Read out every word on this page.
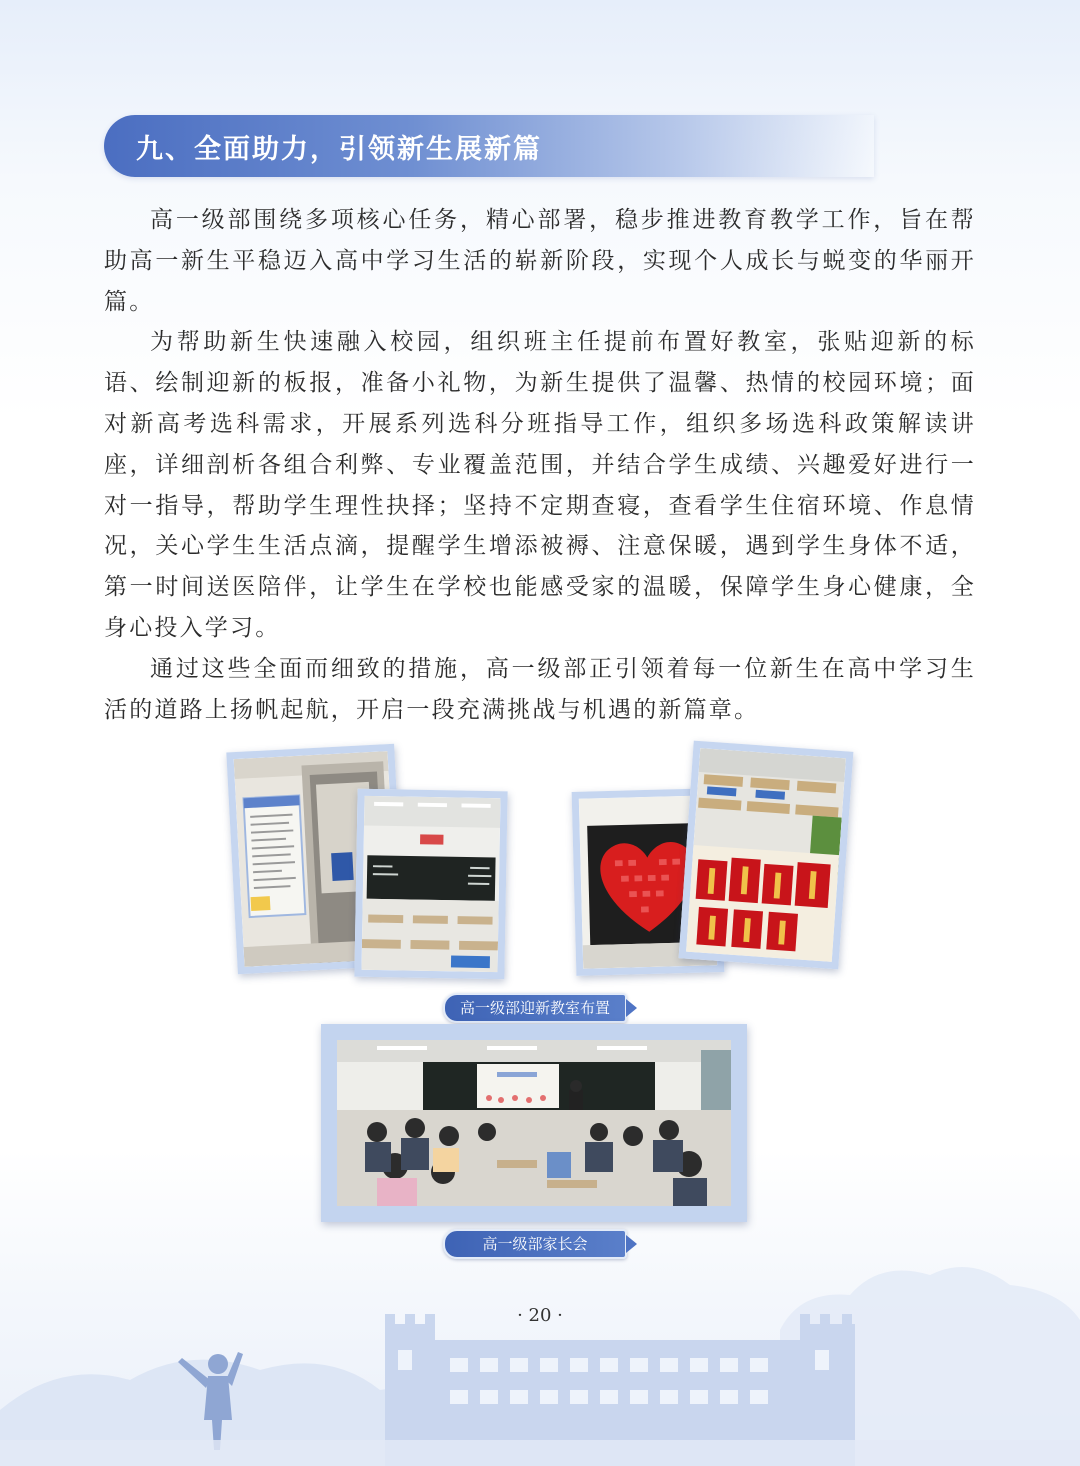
九、全面助力，引领新生展新篇

高一级部围绕多项核心任务，精心部署，稳步推进教育教学工作，旨在帮助高一新生平稳迈入高中学习生活的崭新阶段，实现个人成长与蜕变的华丽开篇。

为帮助新生快速融入校园，组织班主任提前布置好教室，张贴迎新的标语、绘制迎新的板报，准备小礼物，为新生提供了温馨、热情的校园环境；面对新高考选科需求，开展系列选科分班指导工作，组织多场选科政策解读讲座，详细剖析各组合利弊、专业覆盖范围，并结合学生成绩、兴趣爱好进行一对一指导，帮助学生理性抉择；坚持不定期查寝，查看学生住宿环境、作息情况，关心学生生活点滴，提醒学生增添被褥、注意保暖，遇到学生身体不适，第一时间送医陪伴，让学生在学校也能感受家的温暖，保障学生身心健康，全身心投入学习。

通过这些全面而细致的措施，高一级部正引领着每一位新生在高中学习生活的道路上扬帆起航，开启一段充满挑战与机遇的新篇章。

高一级部迎新教室布置
高一级部家长会
· 20 ·
